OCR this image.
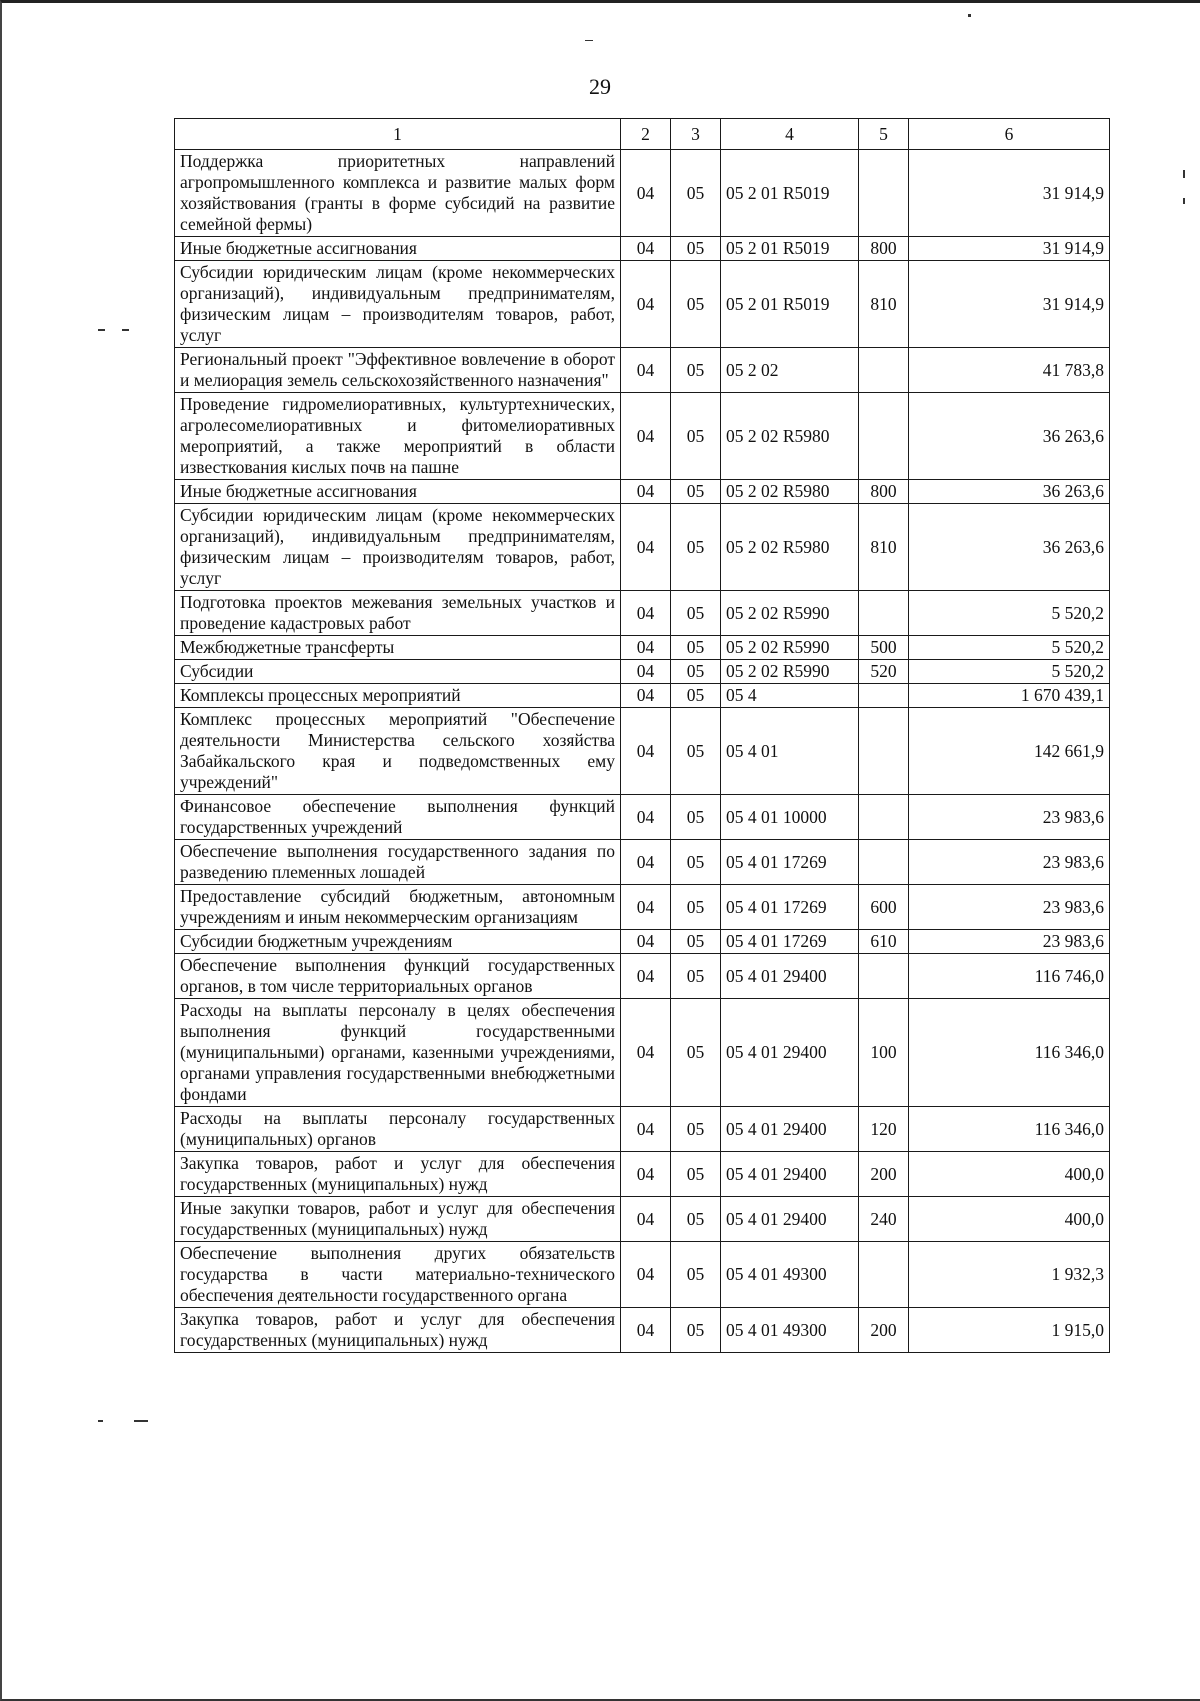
29
1	2	3	4	5	6
Поддержка приоритетных направлений агропромышленного комплекса и развитие малых форм хозяйствования (гранты в форме субсидий на развитие семейной фермы)	04	05	05 2 01 R5019		31 914,9
Иные бюджетные ассигнования	04	05	05 2 01 R5019	800	31 914,9
Субсидии юридическим лицам (кроме некоммерческих организаций), индивидуальным предпринимателям, физическим лицам – производителям товаров, работ, услуг	04	05	05 2 01 R5019	810	31 914,9
Региональный проект "Эффективное вовлечение в оборот и мелиорация земель сельскохозяйственного назначения"	04	05	05 2 02		41 783,8
Проведение гидромелиоративных, культуртехнических, агролесомелиоративных и фитомелиоративных мероприятий, а также мероприятий в области известкования кислых почв на пашне	04	05	05 2 02 R5980		36 263,6
Иные бюджетные ассигнования	04	05	05 2 02 R5980	800	36 263,6
Субсидии юридическим лицам (кроме некоммерческих организаций), индивидуальным предпринимателям, физическим лицам – производителям товаров, работ, услуг	04	05	05 2 02 R5980	810	36 263,6
Подготовка проектов межевания земельных участков и проведение кадастровых работ	04	05	05 2 02 R5990		5 520,2
Межбюджетные трансферты	04	05	05 2 02 R5990	500	5 520,2
Субсидии	04	05	05 2 02 R5990	520	5 520,2
Комплексы процессных мероприятий	04	05	05 4		1 670 439,1
Комплекс процессных мероприятий "Обеспечение деятельности Министерства сельского хозяйства Забайкальского края и подведомственных ему учреждений"	04	05	05 4 01		142 661,9
Финансовое обеспечение выполнения функций государственных учреждений	04	05	05 4 01 10000		23 983,6
Обеспечение выполнения государственного задания по разведению племенных лошадей	04	05	05 4 01 17269		23 983,6
Предоставление субсидий бюджетным, автономным учреждениям и иным некоммерческим организациям	04	05	05 4 01 17269	600	23 983,6
Субсидии бюджетным учреждениям	04	05	05 4 01 17269	610	23 983,6
Обеспечение выполнения функций государственных органов, в том числе территориальных органов	04	05	05 4 01 29400		116 746,0
Расходы на выплаты персоналу в целях обеспечения выполнения функций государственными (муниципальными) органами, казенными учреждениями, органами управления государственными внебюджетными фондами	04	05	05 4 01 29400	100	116 346,0
Расходы на выплаты персоналу государственных (муниципальных) органов	04	05	05 4 01 29400	120	116 346,0
Закупка товаров, работ и услуг для обеспечения государственных (муниципальных) нужд	04	05	05 4 01 29400	200	400,0
Иные закупки товаров, работ и услуг для обеспечения государственных (муниципальных) нужд	04	05	05 4 01 29400	240	400,0
Обеспечение выполнения других обязательств государства в части материально-технического обеспечения деятельности государственного органа	04	05	05 4 01 49300		1 932,3
Закупка товаров, работ и услуг для обеспечения государственных (муниципальных) нужд	04	05	05 4 01 49300	200	1 915,0
